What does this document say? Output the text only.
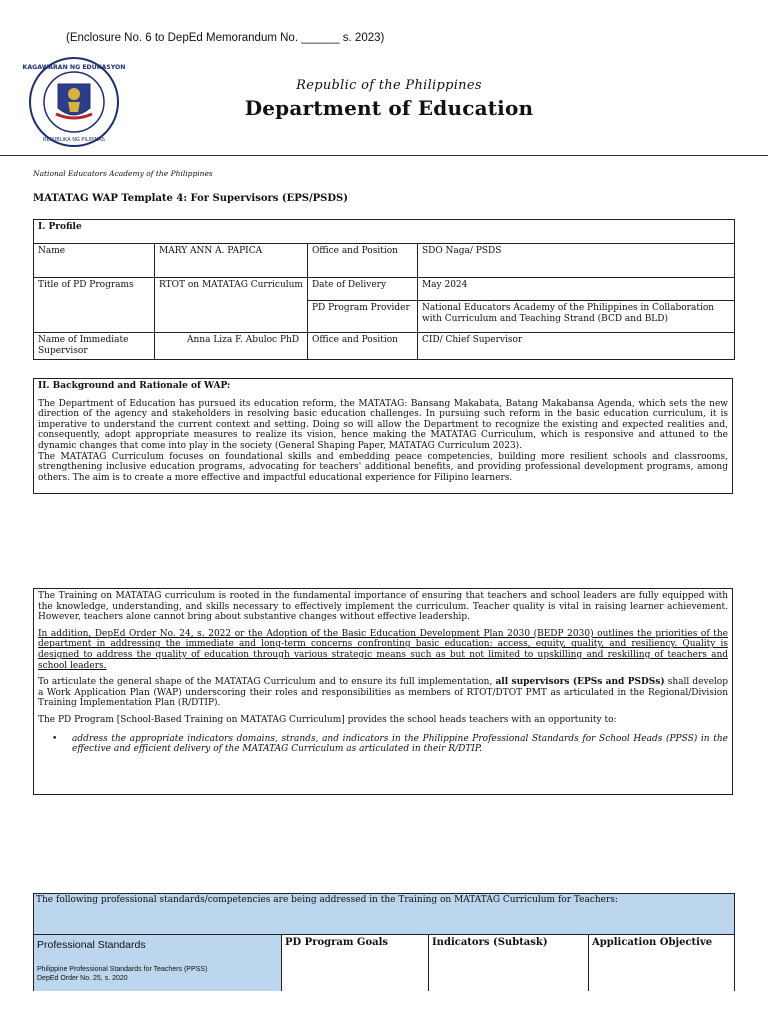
(Enclosure No. 6 to DepEd Memorandum No. ______ s. 2023)
KAGAWARAN NG EDUKASYON
REPUBLIKA NG PILIPINAS
Republic of the Philippines
Department of Education
National Educators Academy of the Philippines
MATATAG WAP Template 4: For Supervisors (EPS/PSDS)
I. Profile				
Name	MARY ANN A. PAPICA		Office and Position	SDO Naga/ PSDS
Title of PD Programs	RTOT on MATATAG Curriculum		Date of Delivery	May 2024
			PD Program Provider	National Educators Academy of the Philippines in Collaboration with Curriculum and Teaching Strand (BCD and BLD)
Name of Immediate Supervisor		Anna Liza F. Abuloc PhD	Office and Position	CID/ Chief Supervisor

II. Background and Rationale of WAP:

The Department of Education has pursued its education reform, the MATATAG: Bansang Makabata, Batang Makabansa Agenda, which sets the new direction of the agency and stakeholders in resolving basic education challenges. In pursuing such reform in the basic education curriculum, it is imperative to understand the current context and setting. Doing so will allow the Department to recognize the existing and expected realities and, consequently, adopt appropriate measures to realize its vision, hence making the MATATAG Curriculum, which is responsive and attuned to the dynamic changes that come into play in the society (General Shaping Paper, MATATAG Curriculum 2023).
The MATATAG Curriculum focuses on foundational skills and embedding peace competencies, building more resilient schools and classrooms, strengthening inclusive education programs, advocating for teachers' additional benefits, and providing professional development programs, among others. The aim is to create a more effective and impactful educational experience for Filipino learners.

The Training on MATATAG curriculum is rooted in the fundamental importance of ensuring that teachers and school leaders are fully equipped with the knowledge, understanding, and skills necessary to effectively implement the curriculum. Teacher quality is vital in raising learner achievement. However, teachers alone cannot bring about substantive changes without effective leadership.

In addition, DepEd Order No. 24, s. 2022 or the Adoption of the Basic Education Development Plan 2030 (BEDP 2030) outlines the priorities of the department in addressing the immediate and long-term concerns confronting basic education: access, equity, quality, and resiliency. Quality is designed to address the quality of education through various strategic means such as but not limited to upskilling and reskilling of teachers and school leaders.

To articulate the general shape of the MATATAG Curriculum and to ensure its full implementation, all supervisors (EPSs and PSDSs) shall develop a Work Application Plan (WAP) underscoring their roles and responsibilities as members of RTOT/DTOT PMT as articulated in the Regional/Division Training Implementation Plan (R/DTIP).

The PD Program [School-Based Training on MATATAG Curriculum] provides the school heads teachers with an opportunity to:

•	address the appropriate indicators domains, strands, and indicators in the Philippine Professional Standards for School Heads (PPSS) in the effective and efficient delivery of the MATATAG Curriculum as articulated in their R/DTIP.
The following professional standards/competencies are being addressed in the Training on MATATAG Curriculum for Teachers:
Professional Standards
Philippine Professional Standards for Teachers (PPSS)
DepEd Order No. 25, s. 2020
PD Program Goals	Indicators (Subtask)	Application Objective
